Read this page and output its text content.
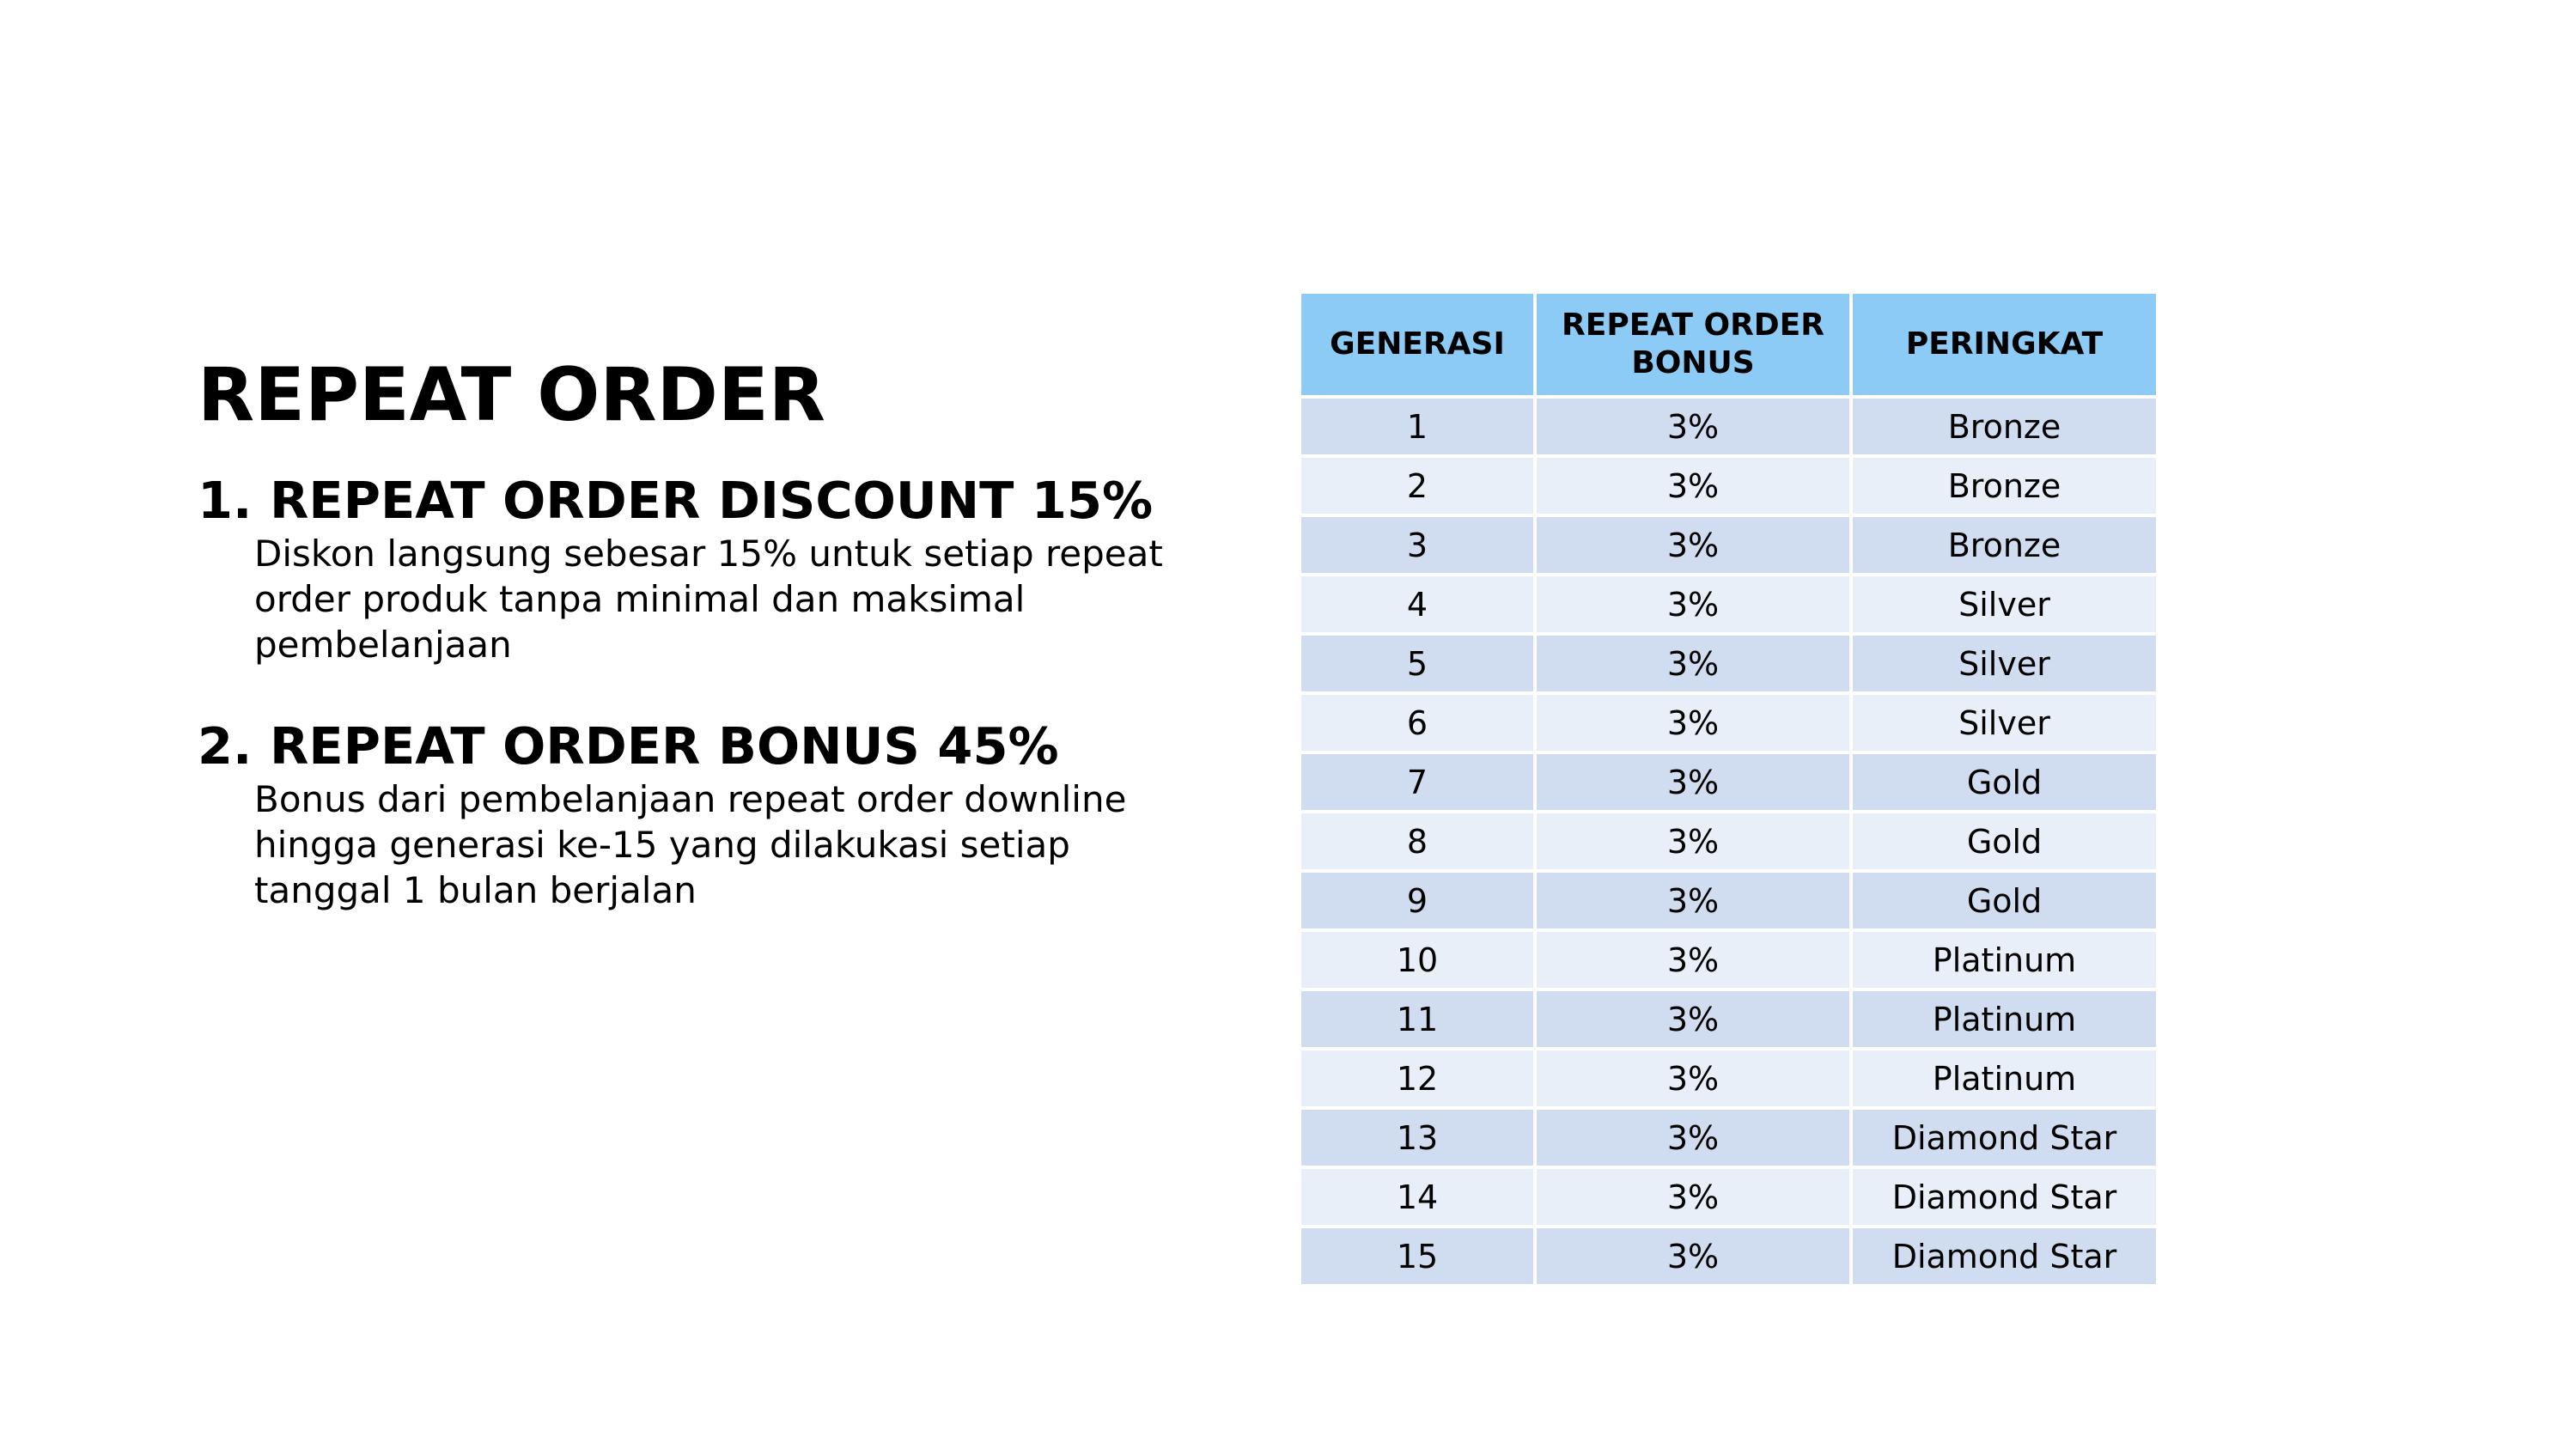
REPEAT ORDER
1. REPEAT ORDER DISCOUNT 15%

Diskon langsung sebesar 15% untuk setiap repeat order produk tanpa minimal dan maksimal pembelanjaan

2. REPEAT ORDER BONUS 45%

Bonus dari pembelanjaan repeat order downline hingga generasi ke-15 yang dilakukasi setiap tanggal 1 bulan berjalan

GENERASI	REPEAT ORDER BONUS	PERINGKAT
1	3%	Bronze
2	3%	Bronze
3	3%	Bronze
4	3%	Silver
5	3%	Silver
6	3%	Silver
7	3%	Gold
8	3%	Gold
9	3%	Gold
10	3%	Platinum
11	3%	Platinum
12	3%	Platinum
13	3%	Diamond Star
14	3%	Diamond Star
15	3%	Diamond Star
